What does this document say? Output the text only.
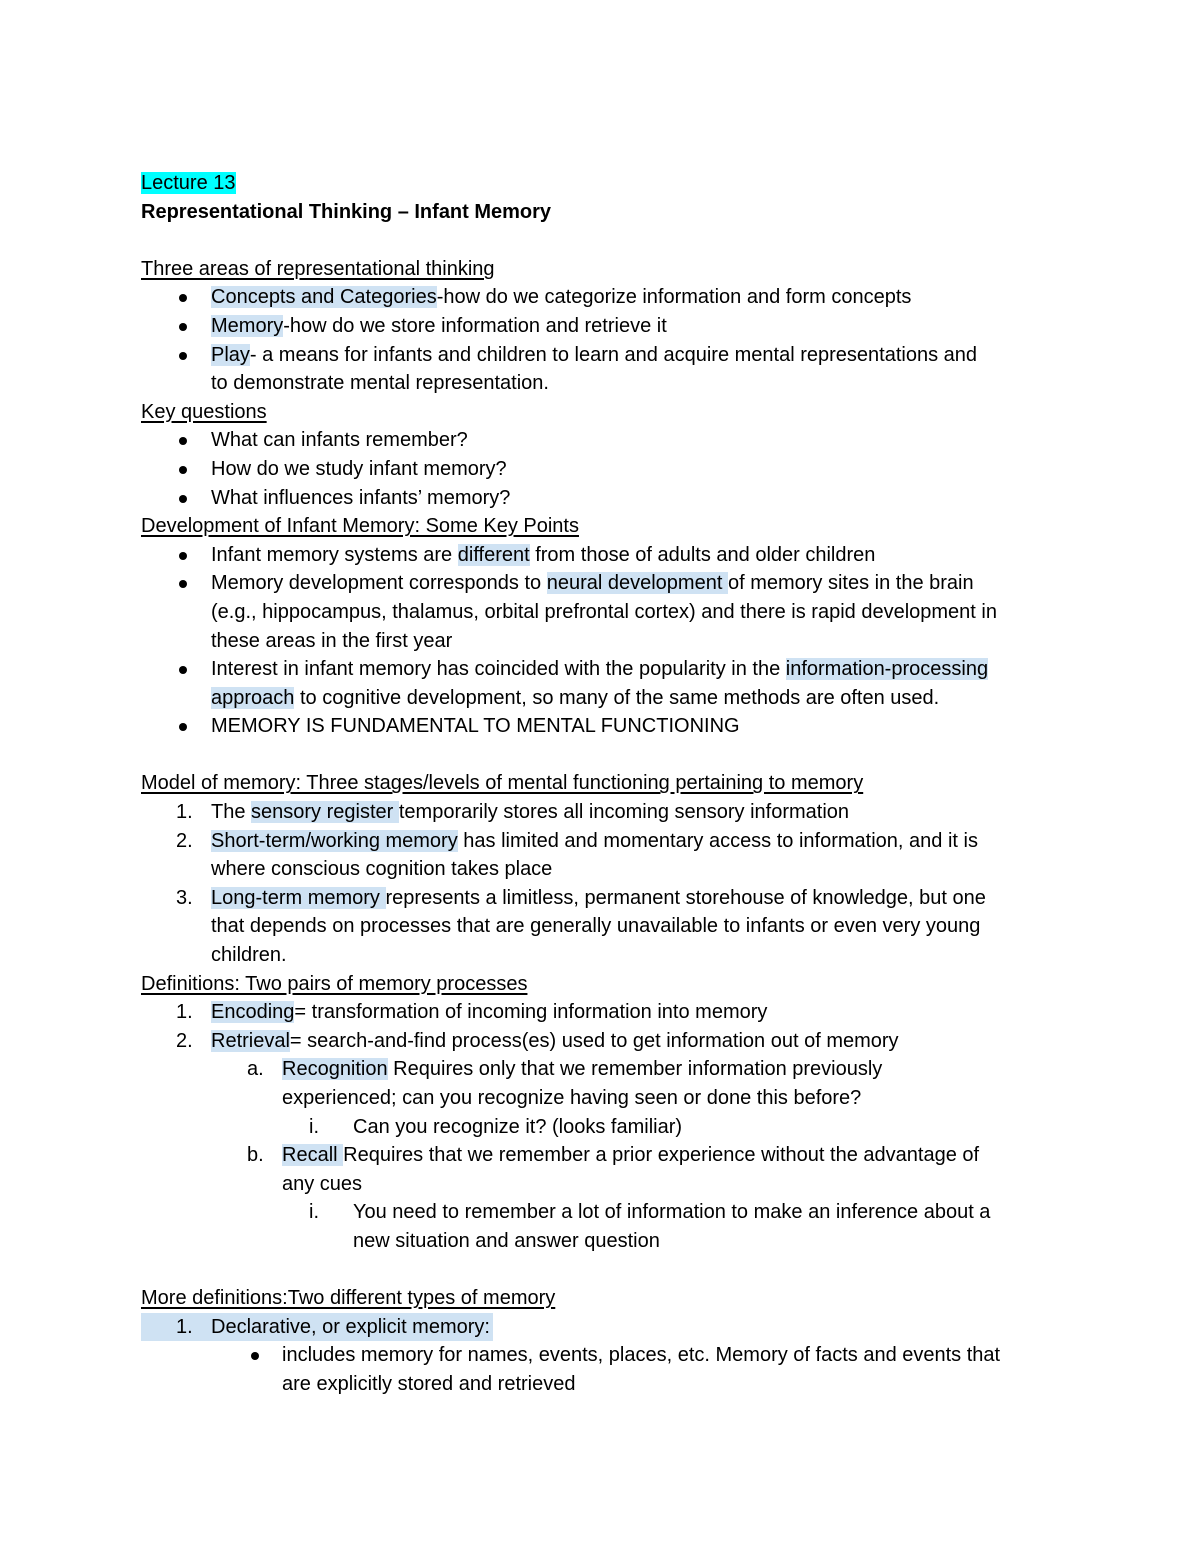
Lecture 13

Representational Thinking – Infant Memory

Three areas of representational thinking

Concepts and Categories-how do we categorize information and form concepts
Memory-how do we store information and retrieve it
Play- a means for infants and children to learn and acquire mental representations and
to demonstrate mental representation.

Key questions

What can infants remember?
How do we study infant memory?
What influences infants’ memory?

Development of Infant Memory: Some Key Points

Infant memory systems are different from those of adults and older children
Memory development corresponds to neural development of memory sites in the brain
(e.g., hippocampus, thalamus, orbital prefrontal cortex) and there is rapid development in
these areas in the first year
Interest in infant memory has coincided with the popularity in the information-processing
approach to cognitive development, so many of the same methods are often used.
MEMORY IS FUNDAMENTAL TO MENTAL FUNCTIONING

Model of memory: Three stages/levels of mental functioning pertaining to memory

1. The sensory register temporarily stores all incoming sensory information
2. Short-term/working memory has limited and momentary access to information, and it is
where conscious cognition takes place
3. Long-term memory represents a limitless, permanent storehouse of knowledge, but one
that depends on processes that are generally unavailable to infants or even very young
children.

Definitions: Two pairs of memory processes

1. Encoding= transformation of incoming information into memory
2. Retrieval= search-and-find process(es) used to get information out of memory
a. Recognition Requires only that we remember information previously
experienced; can you recognize having seen or done this before?
i. Can you recognize it? (looks familiar)
b. Recall Requires that we remember a prior experience without the advantage of
any cues
i. You need to remember a lot of information to make an inference about a
new situation and answer question

More definitions:Two different types of memory

1. Declarative, or explicit memory:
includes memory for names, events, places, etc. Memory of facts and events that
are explicitly stored and retrieved
